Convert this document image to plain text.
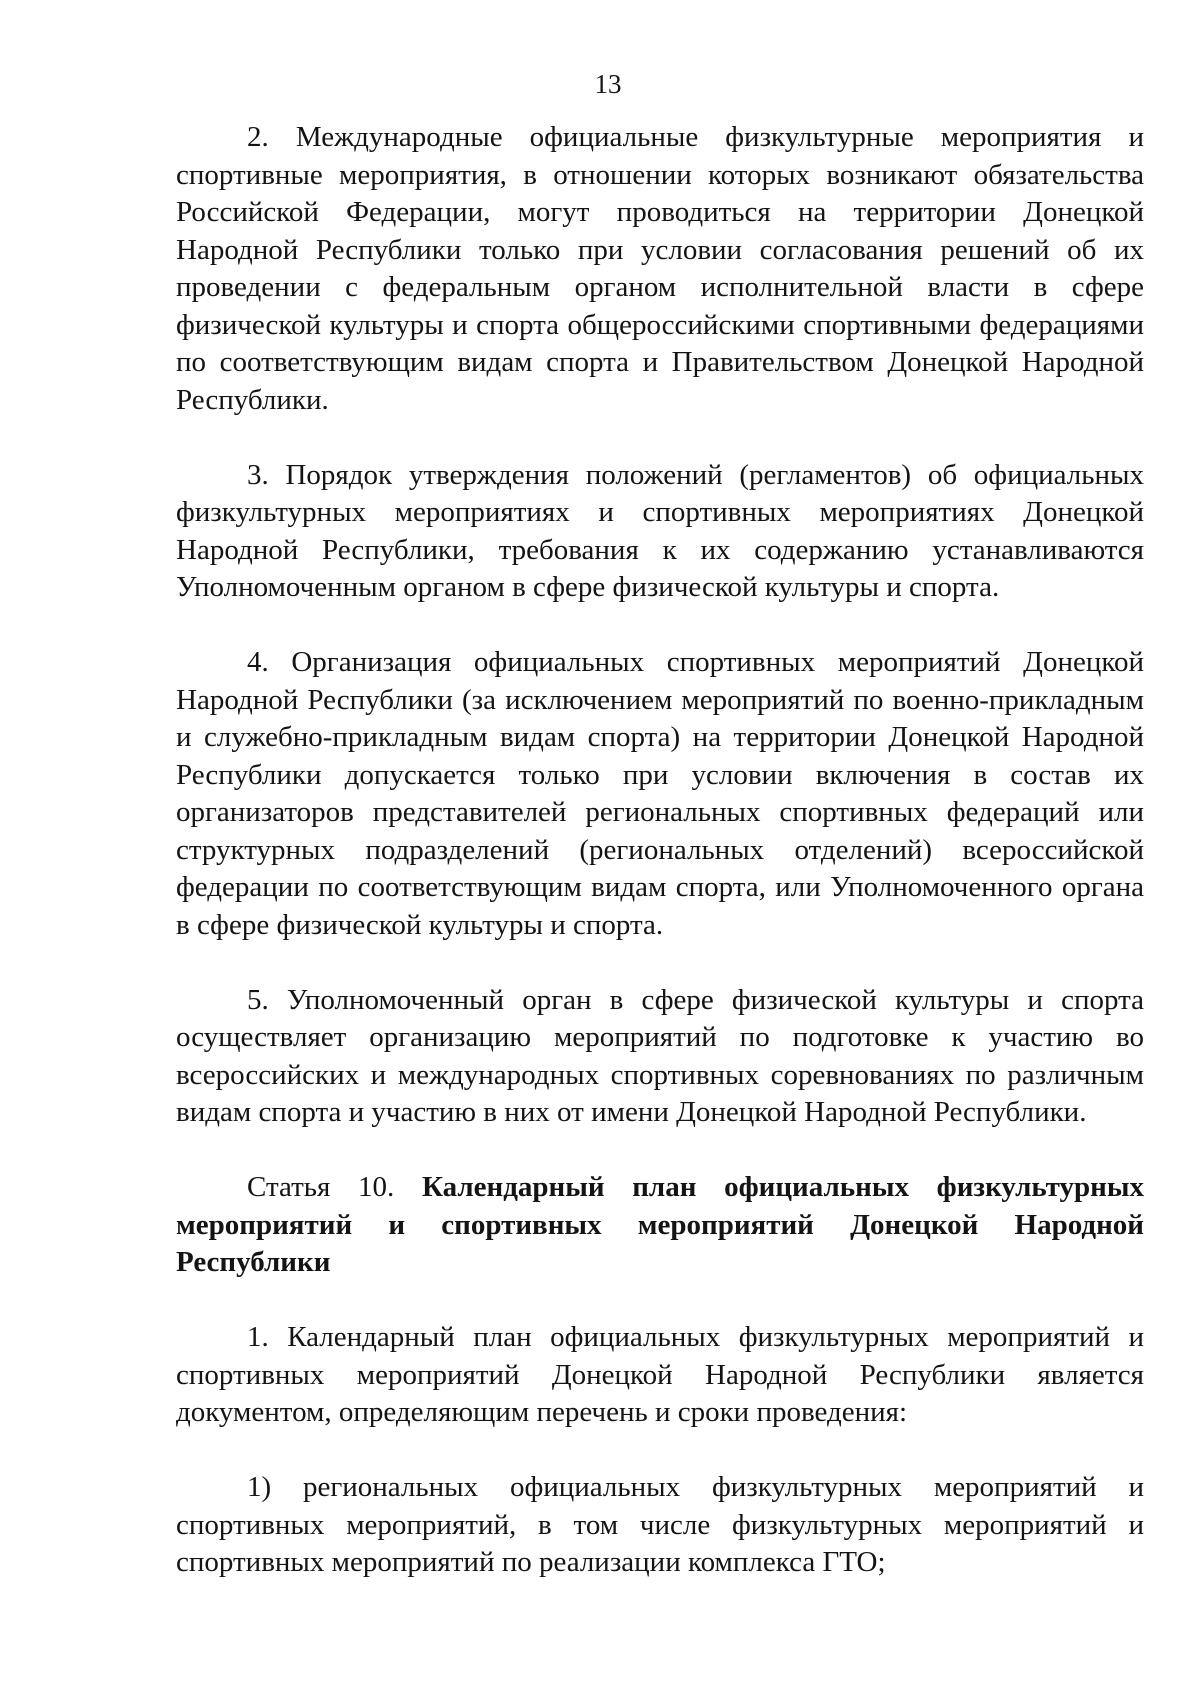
13

2. Международные официальные физкультурные мероприятия и спортивные мероприятия, в отношении которых возникают обязательства Российской Федерации, могут проводиться на территории Донецкой Народной Республики только при условии согласования решений об их проведении с федеральным органом исполнительной власти в сфере физической культуры и спорта общероссийскими спортивными федерациями по соответствующим видам спорта и Правительством Донецкой Народной Республики.

3. Порядок утверждения положений (регламентов) об официальных физкультурных мероприятиях и спортивных мероприятиях Донецкой Народной Республики, требования к их содержанию устанавливаются Уполномоченным органом в сфере физической культуры и спорта.

4. Организация официальных спортивных мероприятий Донецкой Народной Республики (за исключением мероприятий по военно-прикладным и служебно-прикладным видам спорта) на территории Донецкой Народной Республики допускается только при условии включения в состав их организаторов представителей региональных спортивных федераций или структурных подразделений (региональных отделений) всероссийской федерации по соответствующим видам спорта, или Уполномоченного органа в сфере физической культуры и спорта.

5. Уполномоченный орган в сфере физической культуры и спорта осуществляет организацию мероприятий по подготовке к участию во всероссийских и международных спортивных соревнованиях по различным видам спорта и участию в них от имени Донецкой Народной Республики.

Статья 10. Календарный план официальных физкультурных мероприятий и спортивных мероприятий Донецкой Народной Республики

1. Календарный план официальных физкультурных мероприятий и спортивных мероприятий Донецкой Народной Республики является документом, определяющим перечень и сроки проведения:

1) региональных официальных физкультурных мероприятий и спортивных мероприятий, в том числе физкультурных мероприятий и спортивных мероприятий по реализации комплекса ГТО;
